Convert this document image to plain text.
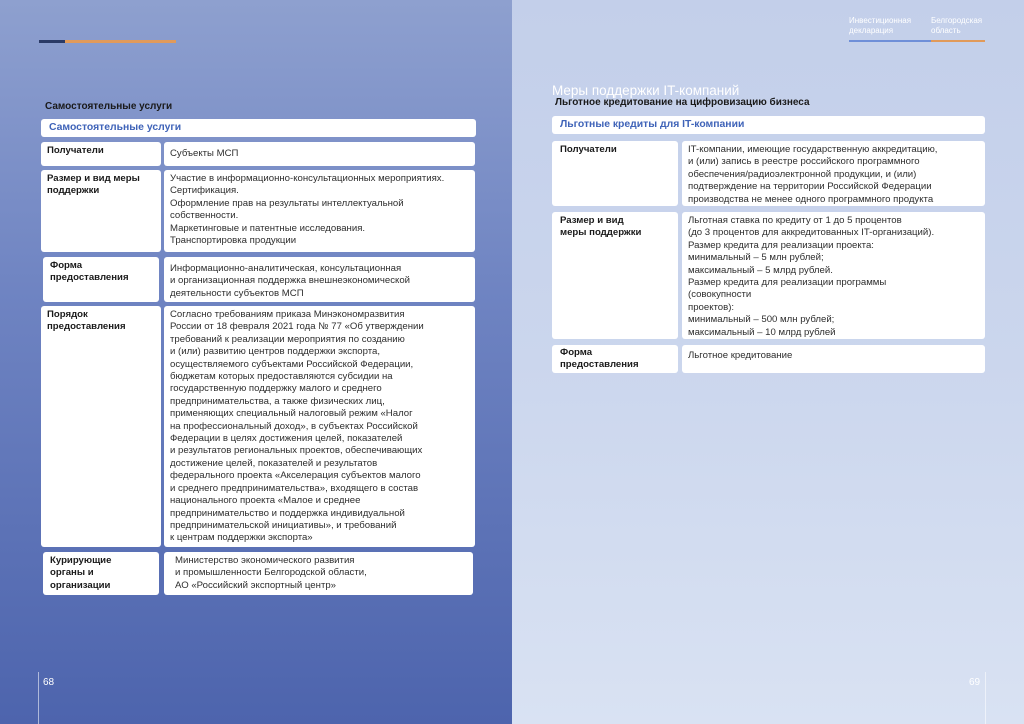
Самостоятельные услуги
Самостоятельные услуги
Получатели	Субъекты МСП
Размер и вид меры
поддержки
Участие в информационно-консультационных мероприятиях.
Сертификация.
Оформление прав на результаты интеллектуальной
собственности.
Маркетинговые и патентные исследования.
Транспортировка продукции
Форма
предоставления
Информационно-аналитическая, консультационная
и организационная поддержка внешнеэкономической
деятельности субъектов МСП
Порядок
предоставления
Согласно требованиям приказа Минэкономразвития
России от 18 февраля 2021 года № 77 «Об утверждении
требований к реализации мероприятия по созданию
и (или) развитию центров поддержки экспорта,
осуществляемого субъектами Российской Федерации,
бюджетам которых предоставляются субсидии на
государственную поддержку малого и среднего
предпринимательства, а также физических лиц,
применяющих специальный налоговый режим «Налог
на профессиональный доход», в субъектах Российской
Федерации в целях достижения целей, показателей
и результатов региональных проектов, обеспечивающих
достижение целей, показателей и результатов
федерального проекта «Акселерация субъектов малого
и среднего предпринимательства», входящего в состав
национального проекта «Малое и среднее
предпринимательство и поддержка индивидуальной
предпринимательской инициативы», и требований
к центрам поддержки экспорта»
Курирующие
органы и
организации
Министерство экономического развития
и промышленности Белгородской области,
АО «Российский экспортный центр»
68
Инвестиционная
декларация
Белгородская
область
Меры поддержки IT-компаний
Льготное кредитование на цифровизацию бизнеса
Льготные кредиты для IT-компании
Получатели	IT-компании, имеющие государственную аккредитацию,
и (или) запись в реестре российского программного
обеспечения/радиоэлектронной продукции, и (или)
подтверждение на территории Российской Федерации
производства не менее одного программного продукта
Размер и вид
меры поддержки
Льготная ставка по кредиту от 1 до 5 процентов
(до 3 процентов для аккредитованных IT-организаций).
Размер кредита для реализации проекта:
минимальный – 5 млн рублей;
максимальный – 5 млрд рублей.
Размер кредита для реализации программы
(совокупности
проектов):
минимальный – 500 млн рублей;
максимальный – 10 млрд рублей
Форма
предоставления
Льготное кредитование
69
